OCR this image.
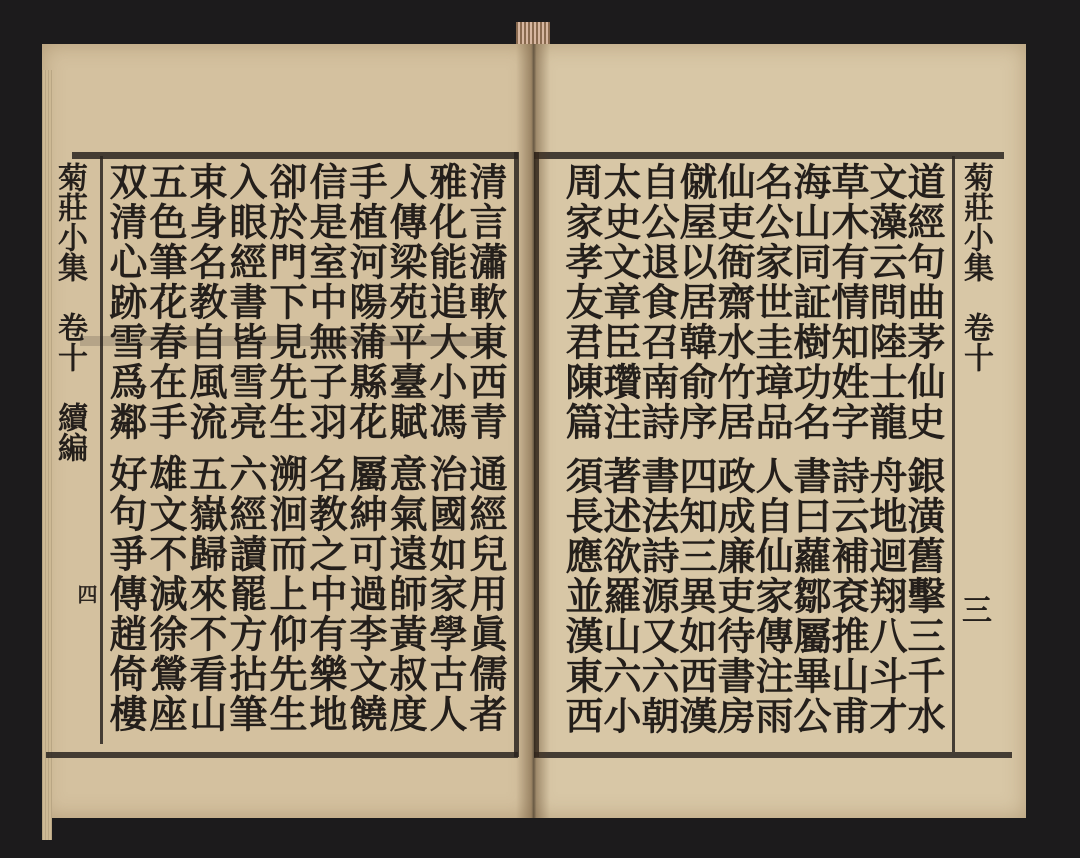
菊莊小集　卷十　續編
四
清言瀟軟東西青
雅化能追大小馮
人傳梁苑平臺賦
手植河陽蒲縣花
信是室中無子羽
卻於門下見先生
入眼經書皆雪亮
束身名教自風流
五色筆花春在手
双清心跡雪爲鄰
通經兒用眞儒者
治國如家學古人
意氣遠師黃叔度
屬紳可過李文饒
名教之中有樂地
溯洄而上仰先生
六經讀罷方拈筆
五嶽歸來不看山
雄文不減徐鶯座
好句爭傳趙倚樓
菊莊小集　卷十
三
道經句曲茅仙史
文藻云問陸士龍
草木有情知姓字
海山同証樹功名
名公家世圭璋品
仙吏衙齋水竹居
僦屋以居韓俞序
自公退食召南詩
太史文章臣瓚注
周家孝友君陳篇
銀潢舊擊三千水
舟地迴翔八斗才
詩云補袞推山甫
書曰蘿鄒屬畢公
人自仙家傳注雨
政成廉吏待書房
四知三異如西漢
書法詩源又六朝
著述欲羅山六小
須長應並漢東西
